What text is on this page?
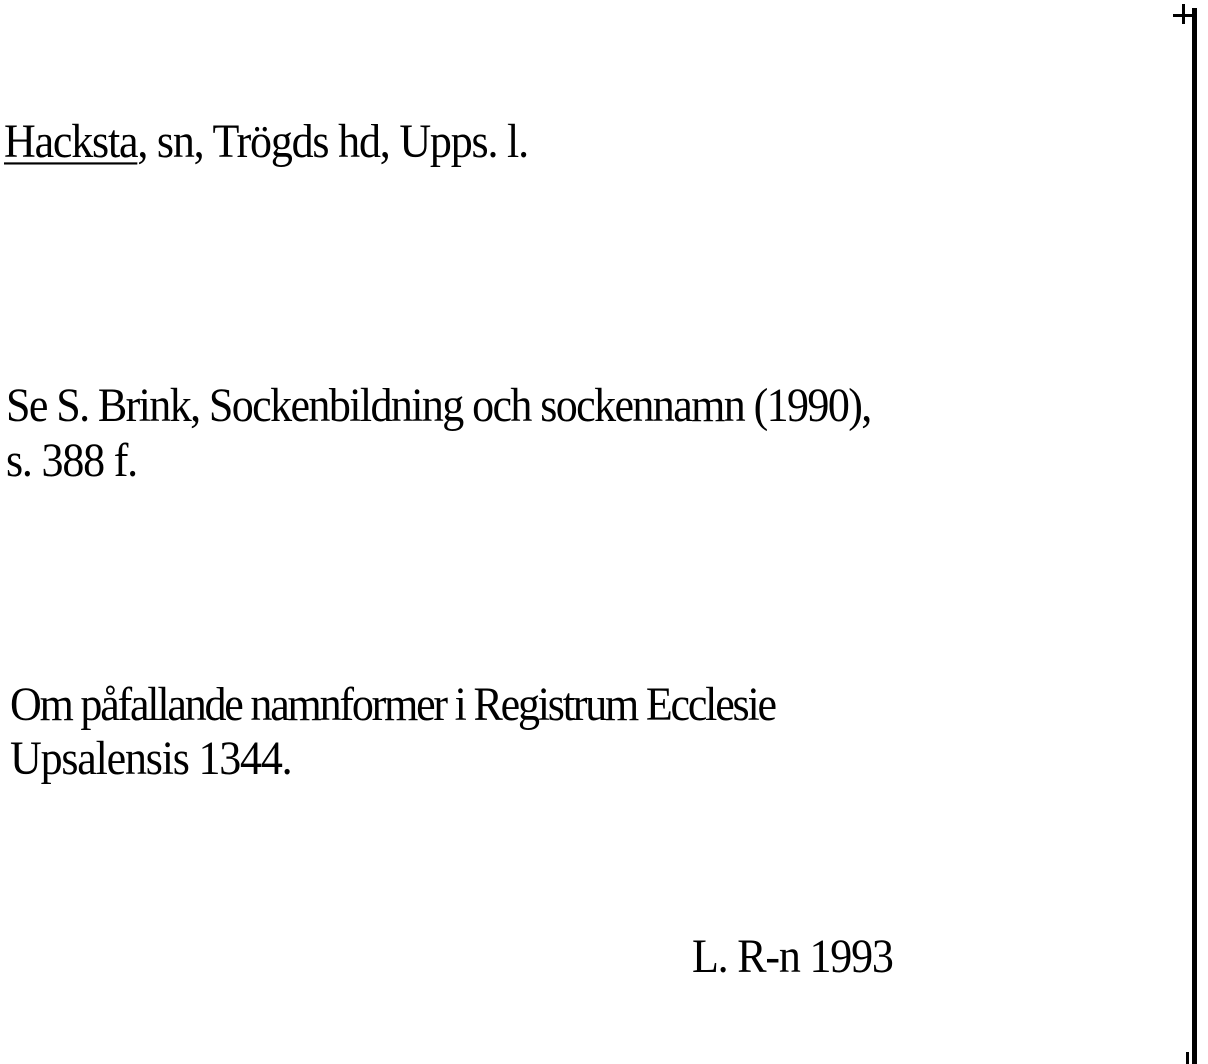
Hacksta, sn, Trögds hd, Upps. l.
Se S. Brink, Sockenbildning och sockennamn (1990),
s. 388 f.
Om påfallande namnformer i Registrum Ecclesie
Upsalensis 1344.
L. R-n 1993
